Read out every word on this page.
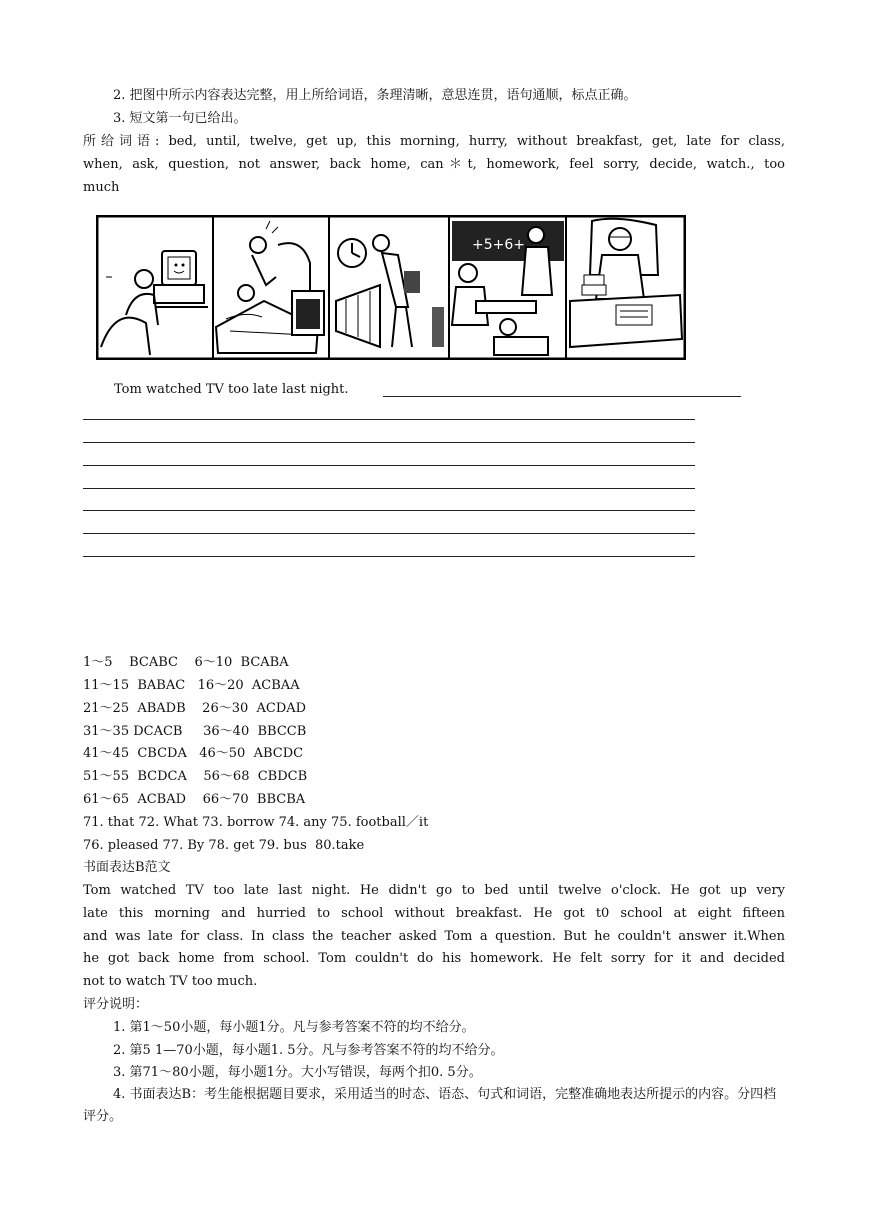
2. 把图中所示内容表达完整，用上所给词语，条理清晰，意思连贯，语句通顺，标点正确。
3. 短文第一句已给出。
所给词语: bed, until, twelve, get up, this morning, hurry, without breakfast, get, late for class,
when, ask, question, not answer, back home, can＊t, homework, feel sorry, decide, watch., too
much
+5+6+
Tom watched TV too late last night.
1～5    BCABC    6～10  BCABA
11～15  BABAC   16～20  ACBAA
21～25  ABADB    26～30  ACDAD
31～35 DCACB     36～40  BBCCB
41～45  CBCDA   46～50  ABCDC
51～55  BCDCA    56～68  CBDCB
61～65  ACBAD    66～70  BBCBA
71. that 72. What 73. borrow 74. any 75. football／it
76. pleased 77. By 78. get 79. bus  80.take
书面表达B范文
Tom watched TV too late last night. He didn't go to bed until twelve o'clock. He got up very
late this morning and hurried to school without breakfast. He got t0 school at eight fifteen
and was late for class. In class the teacher asked Tom a question. But he couldn't answer it.When
he got back home from school. Tom couldn't do his homework. He felt sorry for it and decided
not to watch TV too much.
评分说明：
1. 第1～50小题，每小题1分。凡与参考答案不符的均不给分。
2. 第5 1—70小题，每小题1. 5分。凡与参考答案不符的均不给分。
3. 第71～80小题，每小题1分。大小写错误，每两个扣0. 5分。
4. 书面表达B：考生能根据题目要求，采用适当的时态、语态、句式和词语，完整准确地表达所提示的内容。分四档评分。
